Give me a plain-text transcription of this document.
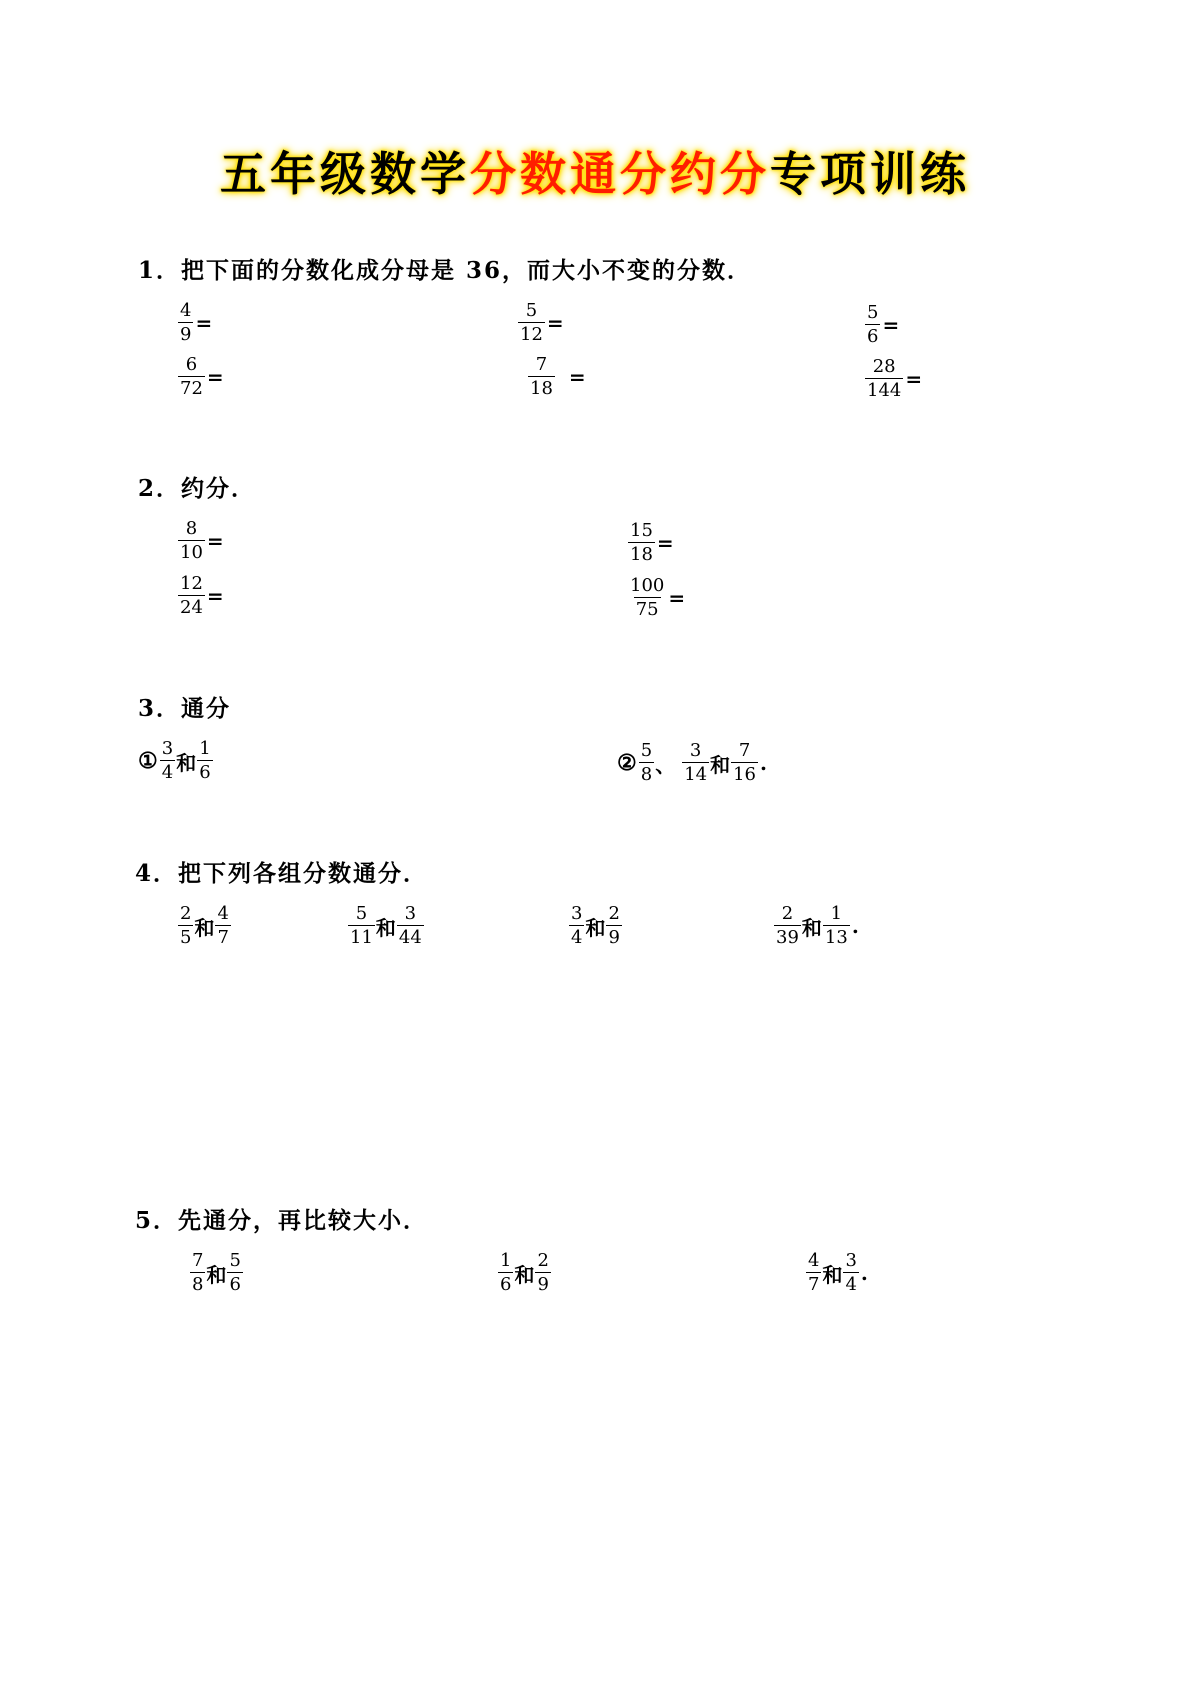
五年级数学分数通分约分专项训练
1．把下面的分数化成分母是 36，而大小不变的分数．
$\frac{4}{9}$ =	$\frac{5}{12}$ =	$\frac{5}{6}$ =
$\frac{6}{72}$ =	$\frac{7}{18}$ =	$\frac{28}{144}$ =
2．约分．
$\frac{8}{10}$ =	$\frac{15}{18}$ =
$\frac{12}{24}$ =	$\frac{100}{75}$ =
3．通分
① $\frac{3}{4}$ 和 $\frac{1}{6}$	② $\frac{5}{8}$ 、 $\frac{3}{14}$ 和 $\frac{7}{16}$ .
4．把下列各组分数通分．
$\frac{2}{5}$ 和 $\frac{4}{7}$	$\frac{5}{11}$ 和 $\frac{3}{44}$	$\frac{3}{4}$ 和 $\frac{2}{9}$	$\frac{2}{39}$ 和 $\frac{1}{13}$ .
5．先通分，再比较大小．
$\frac{7}{8}$ 和 $\frac{5}{6}$	$\frac{1}{6}$ 和 $\frac{2}{9}$	$\frac{4}{7}$ 和 $\frac{3}{4}$ .
